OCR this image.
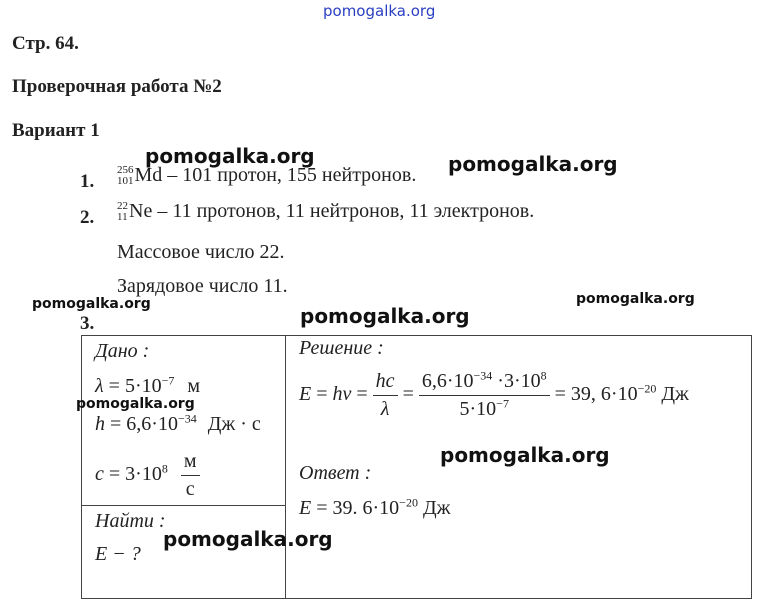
pomogalka.org
Стр. 64.
Проверочная работа №2
Вариант 1
1.
256
101 Md – 101 протон, 155 нейтронов.
2.
22
11 Ne – 11 протонов, 11 нейтронов, 11 электронов.
Массовое число 22.
Зарядовое число 11.
3.
Дано :
$\lambda = 5\cdot 10^{-7}$ м
$h = 6,6\cdot 10^{-34}$ Дж · с
$c = 3\cdot 10^8 \frac{м}{с}$
Найти :
E − ?
Решение :
$E = h\nu = \frac{hc}{\lambda} = \frac{6,6\cdot 10^{-34} \cdot 3\cdot 10^8}{5\cdot 10^{-7}} = 39$, $6\cdot 10^{-20}$ Дж
Ответ :
E = 39. $6\cdot 10^{-20}$ Дж
pomogalka.org	pomogalka.org
pomogalka.org	pomogalka.org
pomogalka.org
pomogalka.org
pomogalka.org
pomogalka.org
